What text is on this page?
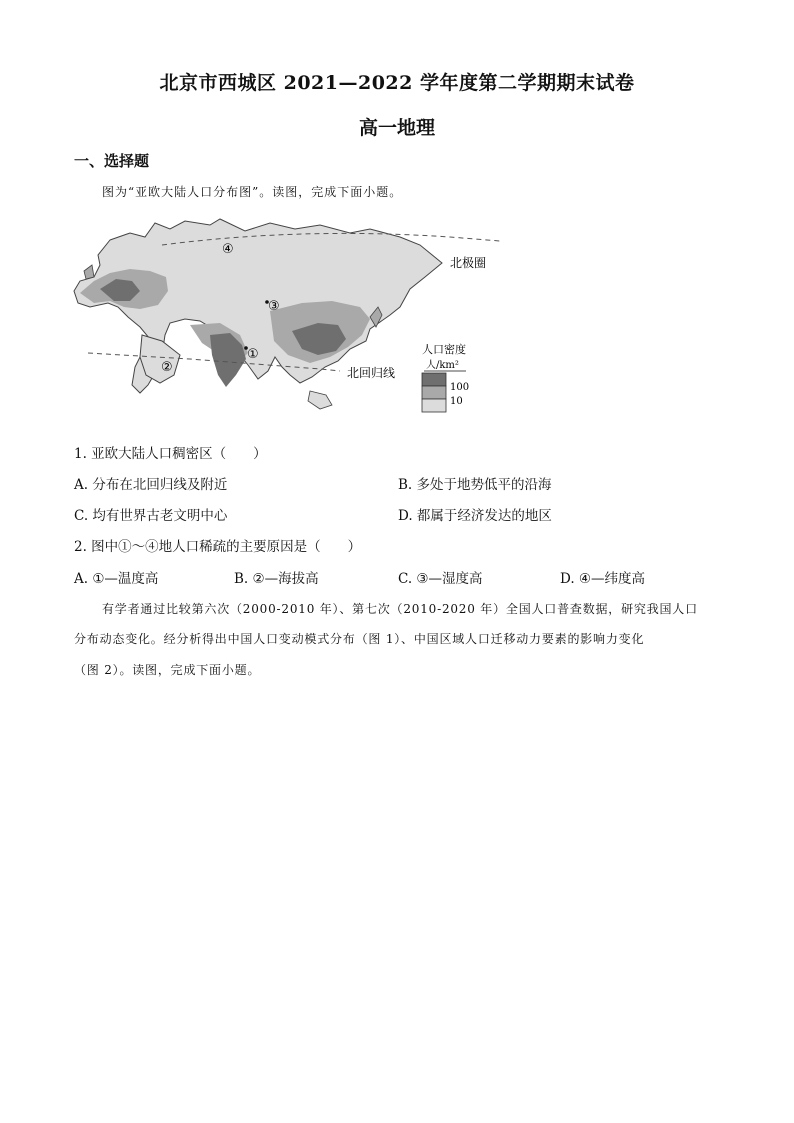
北京市西城区 2021—2022 学年度第二学期期末试卷
高一地理
一、选择题
图为“亚欧大陆人口分布图”。读图，完成下面小题。
④
③
①
②
北极圈
北回归线
人口密度
人/km²
100
10
1. 亚欧大陆人口稠密区（　　）
A. 分布在北回归线及附近	B. 多处于地势低平的沿海
C. 均有世界古老文明中心	D. 都属于经济发达的地区
2. 图中①～④地人口稀疏的主要原因是（　　）
A. ①—温度高	B. ②—海拔高	C. ③—湿度高	D. ④—纬度高
有学者通过比较第六次（2000-2010 年）、第七次（2010-2020 年）全国人口普查数据，研究我国人口
分布动态变化。经分析得出中国人口变动模式分布（图 1）、中国区域人口迁移动力要素的影响力变化
（图 2）。读图，完成下面小题。
